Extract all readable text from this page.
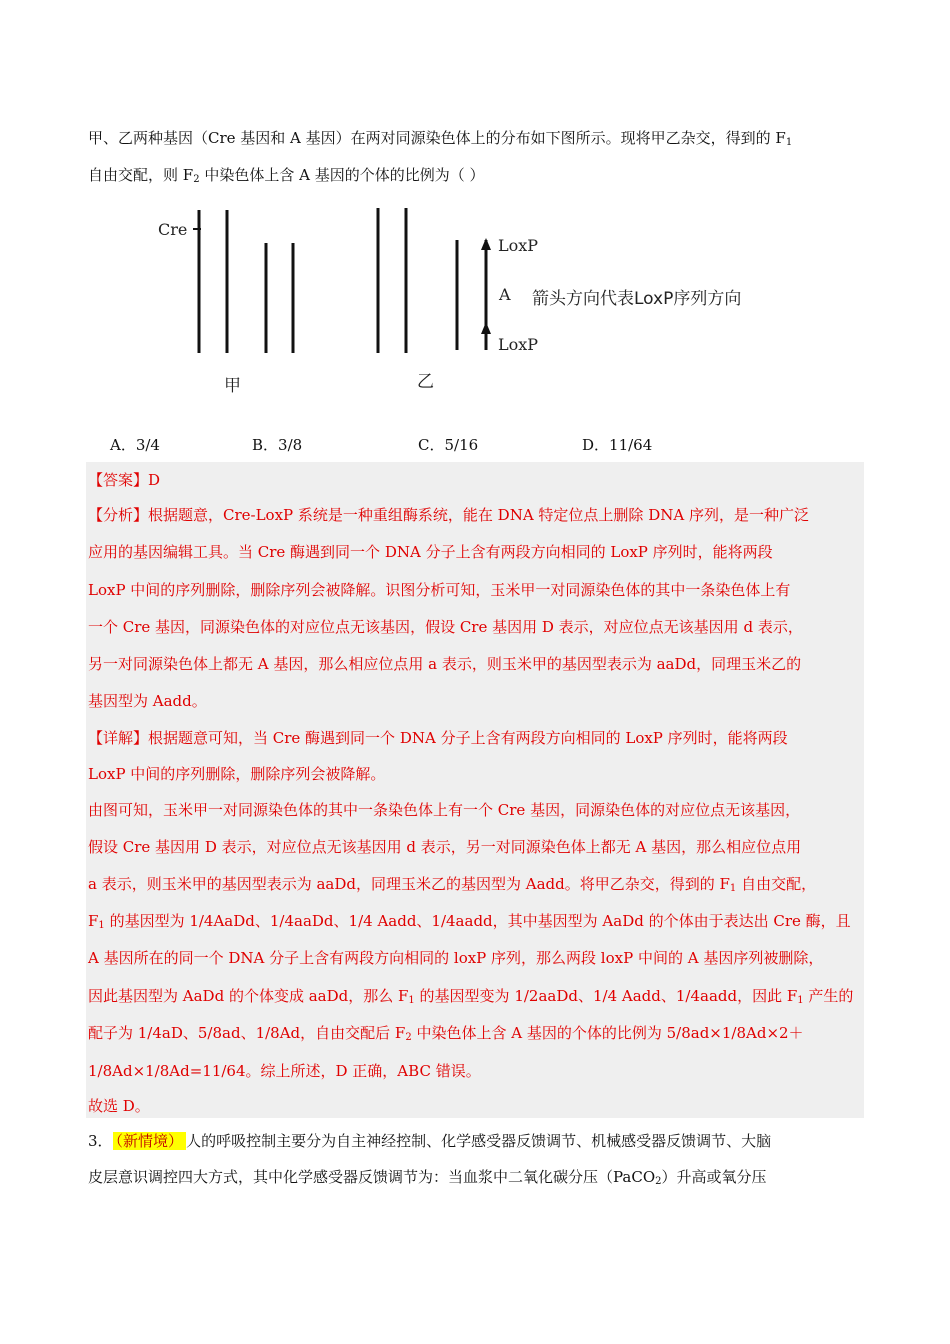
甲、乙两种基因（Cre 基因和 A 基因）在两对同源染色体上的分布如下图所示。现将甲乙杂交，得到的 $F_1$
自由交配，则 $F_2$ 中染色体上含 A 基因的个体的比例为（ ）
Cre
LoxP
A 箭头方向代表LoxP序列方向
LoxP
甲	乙
A．3/4	B．3/8	C．5/16	D．11/64
【答案】D
【分析】根据题意，Cre-LoxP 系统是一种重组酶系统，能在 DNA 特定位点上删除 DNA 序列，是一种广泛
应用的基因编辑工具。当 Cre 酶遇到同一个 DNA 分子上含有两段方向相同的 LoxP 序列时，能将两段
LoxP 中间的序列删除，删除序列会被降解。识图分析可知，玉米甲一对同源染色体的其中一条染色体上有
一个 Cre 基因，同源染色体的对应位点无该基因，假设 Cre 基因用 D 表示，对应位点无该基因用 d 表示，
另一对同源染色体上都无 A 基因，那么相应位点用 a 表示，则玉米甲的基因型表示为 aaDd，同理玉米乙的
基因型为 Aadd。
【详解】根据题意可知，当 Cre 酶遇到同一个 DNA 分子上含有两段方向相同的 LoxP 序列时，能将两段
LoxP 中间的序列删除，删除序列会被降解。
由图可知，玉米甲一对同源染色体的其中一条染色体上有一个 Cre 基因，同源染色体的对应位点无该基因，
假设 Cre 基因用 D 表示，对应位点无该基因用 d 表示，另一对同源染色体上都无 A 基因，那么相应位点用
a 表示，则玉米甲的基因型表示为 aaDd，同理玉米乙的基因型为 Aadd。将甲乙杂交，得到的 $F_1$ 自由交配，
$F_1$ 的基因型为 1/4AaDd、1/4aaDd、1/4 Aadd、1/4aadd，其中基因型为 AaDd 的个体由于表达出 Cre 酶，且
A 基因所在的同一个 DNA 分子上含有两段方向相同的 loxP 序列，那么两段 loxP 中间的 A 基因序列被删除，
因此基因型为 AaDd 的个体变成 aaDd，那么 $F_1$ 的基因型变为 1/2aaDd、1/4 Aadd、1/4aadd，因此 $F_1$ 产生的
配子为 1/4aD、5/8ad、1/8Ad，自由交配后 $F_2$ 中染色体上含 A 基因的个体的比例为 5/8ad×1/8Ad×2＋
1/8Ad×1/8Ad=11/64。综上所述，D 正确，ABC 错误。
故选 D。
3． （新情境） 人的呼吸控制主要分为自主神经控制、化学感受器反馈调节、机械感受器反馈调节、大脑
皮层意识调控四大方式，其中化学感受器反馈调节为：当血浆中二氧化碳分压（PaCO$_2$）升高或氧分压
